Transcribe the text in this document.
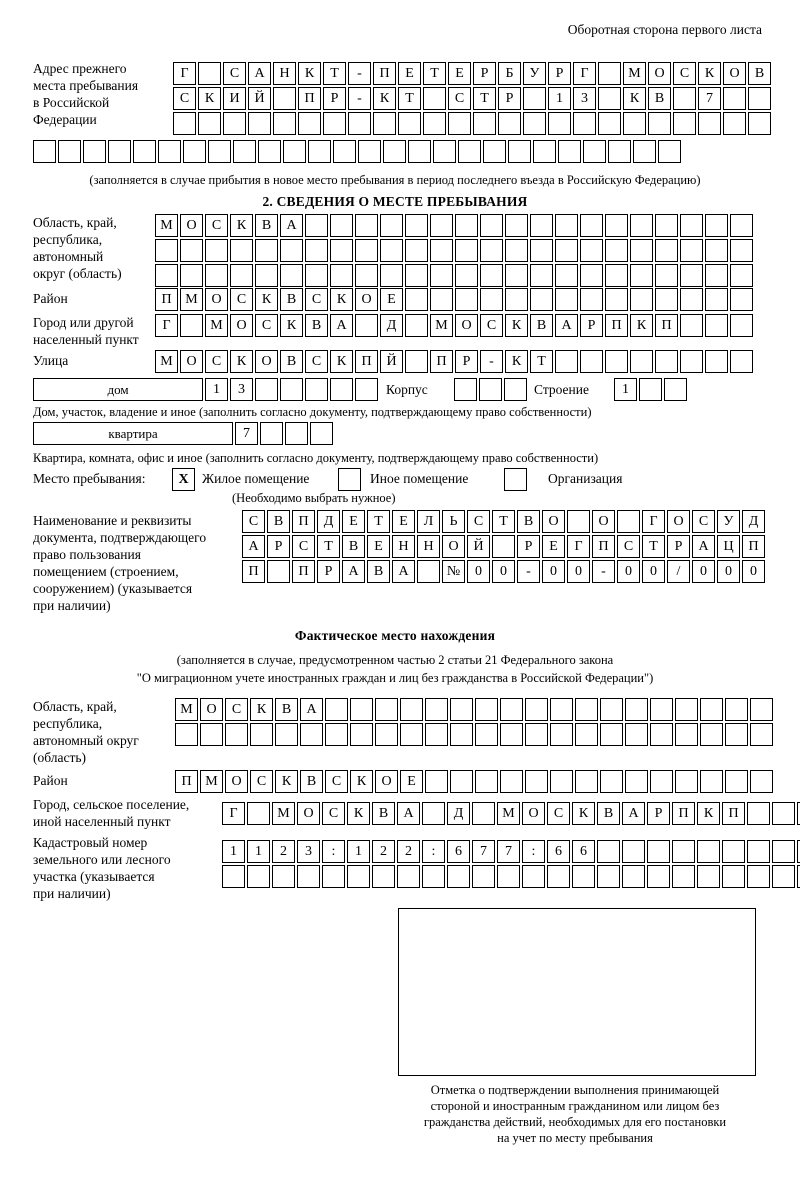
Оборотная сторона первого листа
Адрес прежнего
места пребывания
в Российской
Федерации
Г	С	А	Н	К	Т	-	П	Е	Т	Е	Р	Б	У	Р	Г	М О	С	К	О	В
С	К	И	Й	П	Р	-	К	Т	С	Т	Р	1	3	К	В	7
(заполняется в случае прибытия в новое место пребывания в период последнего въезда в Российскую Федерацию)
2. СВЕДЕНИЯ О МЕСТЕ ПРЕБЫВАНИЯ
Область, край,
республика,
автономный
округ (область)
М О	С	К	В	А
Район	П М О	С	К	В	С	К	О	Е
Город или другой
населенный пункт
Г	М О	С	К	В	А	Д	М О	С	К	В	А	Р	П	К	П
Улица	М О	С	К	О	В	С	К	П	Й	П	Р	-	К	Т
дом	1	3	Корпус	Строение	1
Дом, участок, владение и иное (заполнить согласно документу, подтверждающему право собственности)
квартира	7
Квартира, комната, офис и иное (заполнить согласно документу, подтверждающему право собственности)
Место пребывания:	X Жилое помещение	Иное помещение	Организация
(Необходимо выбрать нужное)
Наименование и реквизиты
документа, подтверждающего
право пользования
помещением (строением,
сооружением) (указывается
при наличии)
С	В	П	Д	Е	Т	Е	Л	Ь	С	Т	В	О	О	Г	О	С	У	Д
А	Р	С	Т	В	Е	Н	Н	О	Й	Р	Е	Г	П	С	Т	Р	А	Ц	П
П	П	Р	А	В	А	№	0	0	-	0	0	-	0	0	/	0	0	0
Фактическое место нахождения
(заполняется в случае, предусмотренном частью 2 статьи 21 Федерального закона
"О миграционном учете иностранных граждан и лиц без гражданства в Российской Федерации")
Область, край,
республика,
автономный округ
(область)
М О	С	К	В	А
Район	П М О	С	К	В	С	К	О	Е
Город, сельское поселение,
иной населенный пункт
Г	М О	С	К	В	А	Д	М О	С	К	В	А	Р	П	К	П
Кадастровый номер
земельного или лесного
участка (указывается
при наличии)
1	1	2	3	:	1	2	2	:	6	7	7	:	6	6
Отметка о подтверждении выполнения принимающей
стороной и иностранным гражданином или лицом без
гражданства действий, необходимых для его постановки
на учет по месту пребывания
